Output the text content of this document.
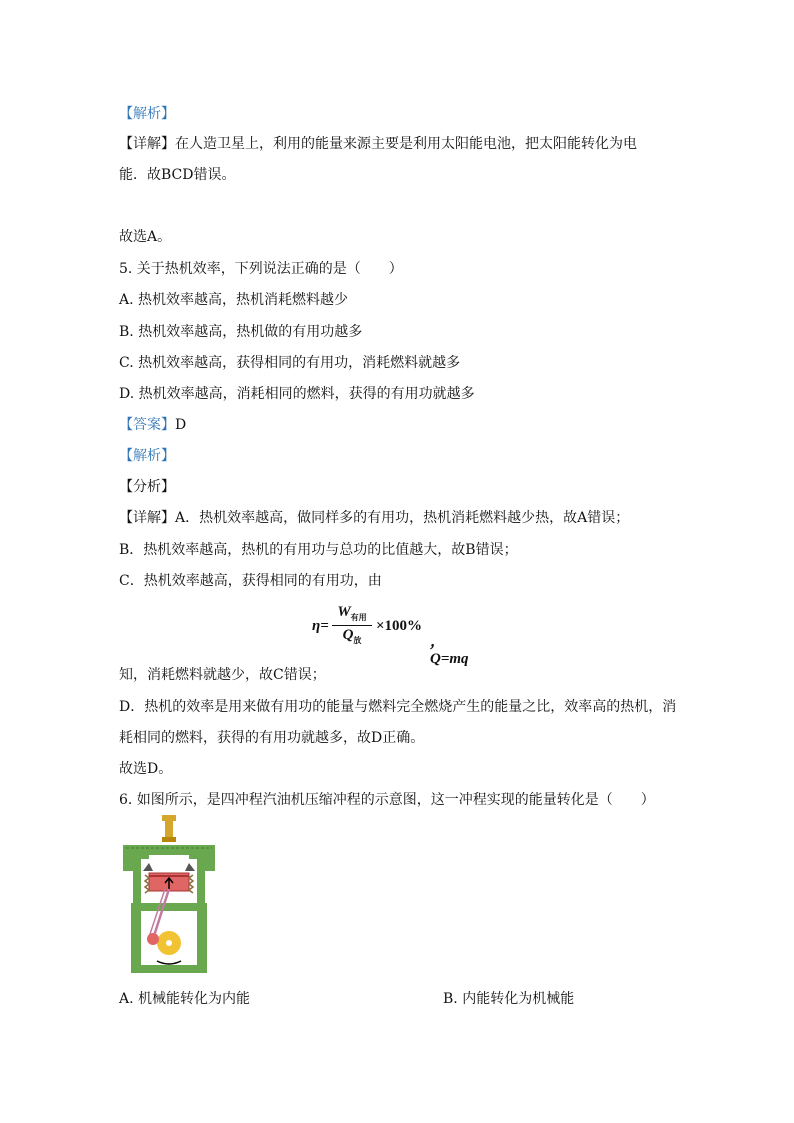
【解析】
【详解】在人造卫星上，利用的能量来源主要是利用太阳能电池，把太阳能转化为电
能．故BCD错误。
故选A。
5. 关于热机效率，下列说法正确的是（　　）
A. 热机效率越高，热机消耗燃料越少
B. 热机效率越高，热机做的有用功越多
C. 热机效率越高，获得相同的有用功，消耗燃料就越多
D. 热机效率越高，消耗相同的燃料，获得的有用功就越多
【答案】D
【解析】
【分析】
【详解】A．热机效率越高，做同样多的有用功，热机消耗燃料越少热，故A错误；
B．热机效率越高，热机的有用功与总功的比值越大，故B错误；
C．热机效率越高，获得相同的有用功，由
η=
$W_{有用}$
$Q_放$
×100%
，Q=mq
知，消耗燃料就越少，故C错误；
D．热机的效率是用来做有用功的能量与燃料完全燃烧产生的能量之比，效率高的热机，消
耗相同的燃料，获得的有用功就越多，故D正确。
故选D。
6. 如图所示，是四冲程汽油机压缩冲程的示意图，这一冲程实现的能量转化是（　　）
A. 机械能转化为内能	B. 内能转化为机械能
